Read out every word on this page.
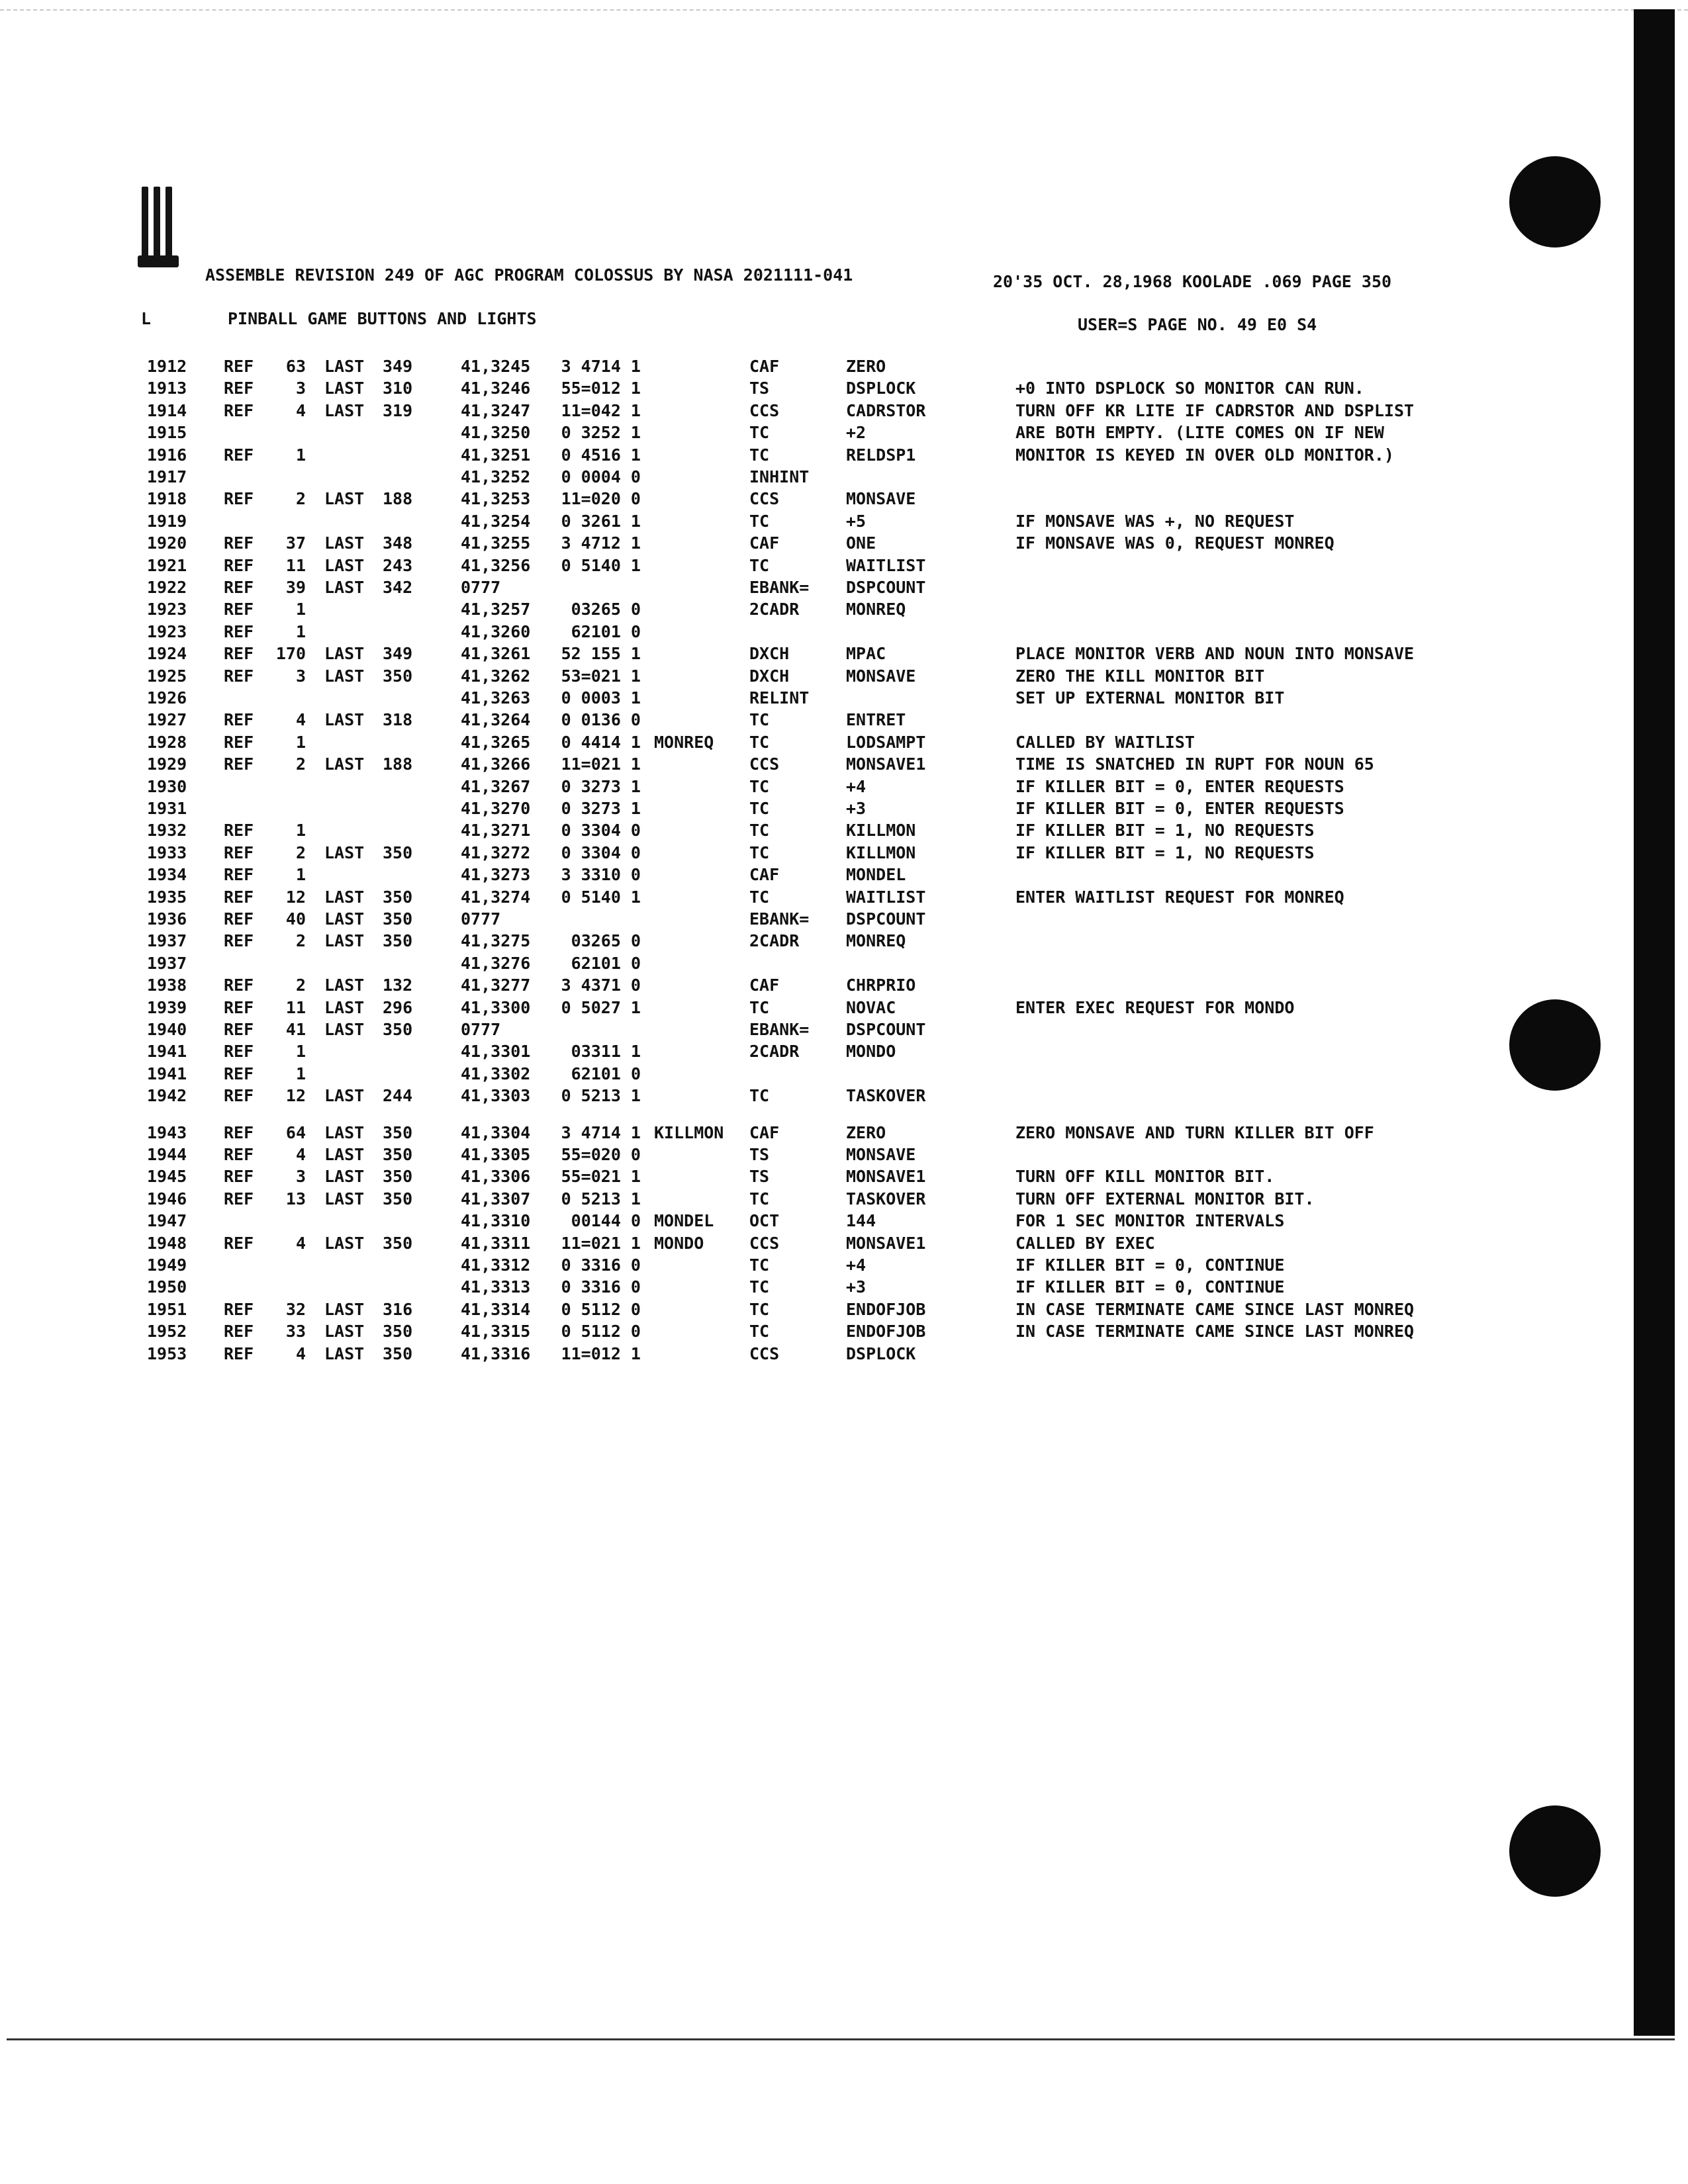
ASSEMBLE REVISION 249 OF AGC PROGRAM COLOSSUS BY NASA 2021111-041	20'35 OCT. 28,1968 KOOLADE .069 PAGE 350
L	PINBALL GAME BUTTONS AND LIGHTS	USER=S PAGE NO. 49 E0 S4
1912 REF	63 LAST 349	41,3245	3 4714 1	CAF	ZERO
1913 REF	3 LAST 310	41,3246	55=012 1	TS	DSPLOCK	+0 INTO DSPLOCK SO MONITOR CAN RUN.
1914 REF	4 LAST 319	41,3247	11=042 1	CCS	CADRSTOR	TURN OFF KR LITE IF CADRSTOR AND DSPLIST
1915	41,3250	0 3252 1	TC	+2	ARE BOTH EMPTY. (LITE COMES ON IF NEW
1916 REF	1	41,3251	0 4516 1	TC	RELDSP1	MONITOR IS KEYED IN OVER OLD MONITOR.)
1917	41,3252	0 0004 0	INHINT
1918 REF	2 LAST 188	41,3253	11=020 0	CCS	MONSAVE
1919	41,3254	0 3261 1	TC	+5	IF MONSAVE WAS +, NO REQUEST
1920 REF	37 LAST 348	41,3255	3 4712 1	CAF	ONE	IF MONSAVE WAS 0, REQUEST MONREQ
1921 REF	11 LAST 243	41,3256	0 5140 1	TC	WAITLIST
1922 REF	39 LAST 342	0777	EBANK= DSPCOUNT
1923 REF	1	41,3257	03265 0	2CADR	MONREQ
1923 REF	1	41,3260	62101 0
1924 REF	170 LAST 349	41,3261	52 155 1	DXCH	MPAC	PLACE MONITOR VERB AND NOUN INTO MONSAVE
1925 REF	3 LAST 350	41,3262	53=021 1	DXCH	MONSAVE	ZERO THE KILL MONITOR BIT
1926	41,3263	0 0003 1	RELINT	SET UP EXTERNAL MONITOR BIT
1927 REF	4 LAST 318	41,3264	0 0136 0	TC	ENTRET
1928 REF	1	41,3265	0 4414 1 MONREQ TC	LODSAMPT	CALLED BY WAITLIST
1929 REF	2 LAST 188	41,3266	11=021 1	CCS	MONSAVE1	TIME IS SNATCHED IN RUPT FOR NOUN 65
1930	41,3267	0 3273 1	TC	+4	IF KILLER BIT = 0, ENTER REQUESTS
1931	41,3270	0 3273 1	TC	+3	IF KILLER BIT = 0, ENTER REQUESTS
1932 REF	1	41,3271	0 3304 0	TC	KILLMON	IF KILLER BIT = 1, NO REQUESTS
1933 REF	2 LAST 350	41,3272	0 3304 0	TC	KILLMON	IF KILLER BIT = 1, NO REQUESTS
1934 REF	1	41,3273	3 3310 0	CAF	MONDEL
1935 REF	12 LAST 350	41,3274	0 5140 1	TC	WAITLIST	ENTER WAITLIST REQUEST FOR MONREQ
1936 REF	40 LAST 350	0777	EBANK= DSPCOUNT
1937 REF	2 LAST 350	41,3275	03265 0	2CADR	MONREQ
1937	41,3276	62101 0
1938 REF	2 LAST 132	41,3277	3 4371 0	CAF	CHRPRIO
1939 REF	11 LAST 296	41,3300	0 5027 1	TC	NOVAC	ENTER EXEC REQUEST FOR MONDO
1940 REF	41 LAST 350	0777	EBANK= DSPCOUNT
1941 REF	1	41,3301	03311 1	2CADR	MONDO
1941 REF	1	41,3302	62101 0
1942 REF	12 LAST 244	41,3303	0 5213 1	TC	TASKOVER
1943 REF	64 LAST 350	41,3304	3 4714 1 KILLMON CAF	ZERO	ZERO MONSAVE AND TURN KILLER BIT OFF
1944 REF	4 LAST 350	41,3305	55=020 0	TS	MONSAVE
1945 REF	3 LAST 350	41,3306	55=021 1	TS	MONSAVE1	TURN OFF KILL MONITOR BIT.
1946 REF	13 LAST 350	41,3307	0 5213 1	TC	TASKOVER	TURN OFF EXTERNAL MONITOR BIT.
1947	41,3310	00144 0 MONDEL OCT	144	FOR 1 SEC MONITOR INTERVALS
1948 REF	4 LAST 350	41,3311	11=021 1 MONDO	CCS	MONSAVE1	CALLED BY EXEC
1949	41,3312	0 3316 0	TC	+4	IF KILLER BIT = 0, CONTINUE
1950	41,3313	0 3316 0	TC	+3	IF KILLER BIT = 0, CONTINUE
1951 REF	32 LAST 316	41,3314	0 5112 0	TC	ENDOFJOB	IN CASE TERMINATE CAME SINCE LAST MONREQ
1952 REF	33 LAST 350	41,3315	0 5112 0	TC	ENDOFJOB	IN CASE TERMINATE CAME SINCE LAST MONREQ
1953 REF	4 LAST 350	41,3316	11=012 1	CCS	DSPLOCK
